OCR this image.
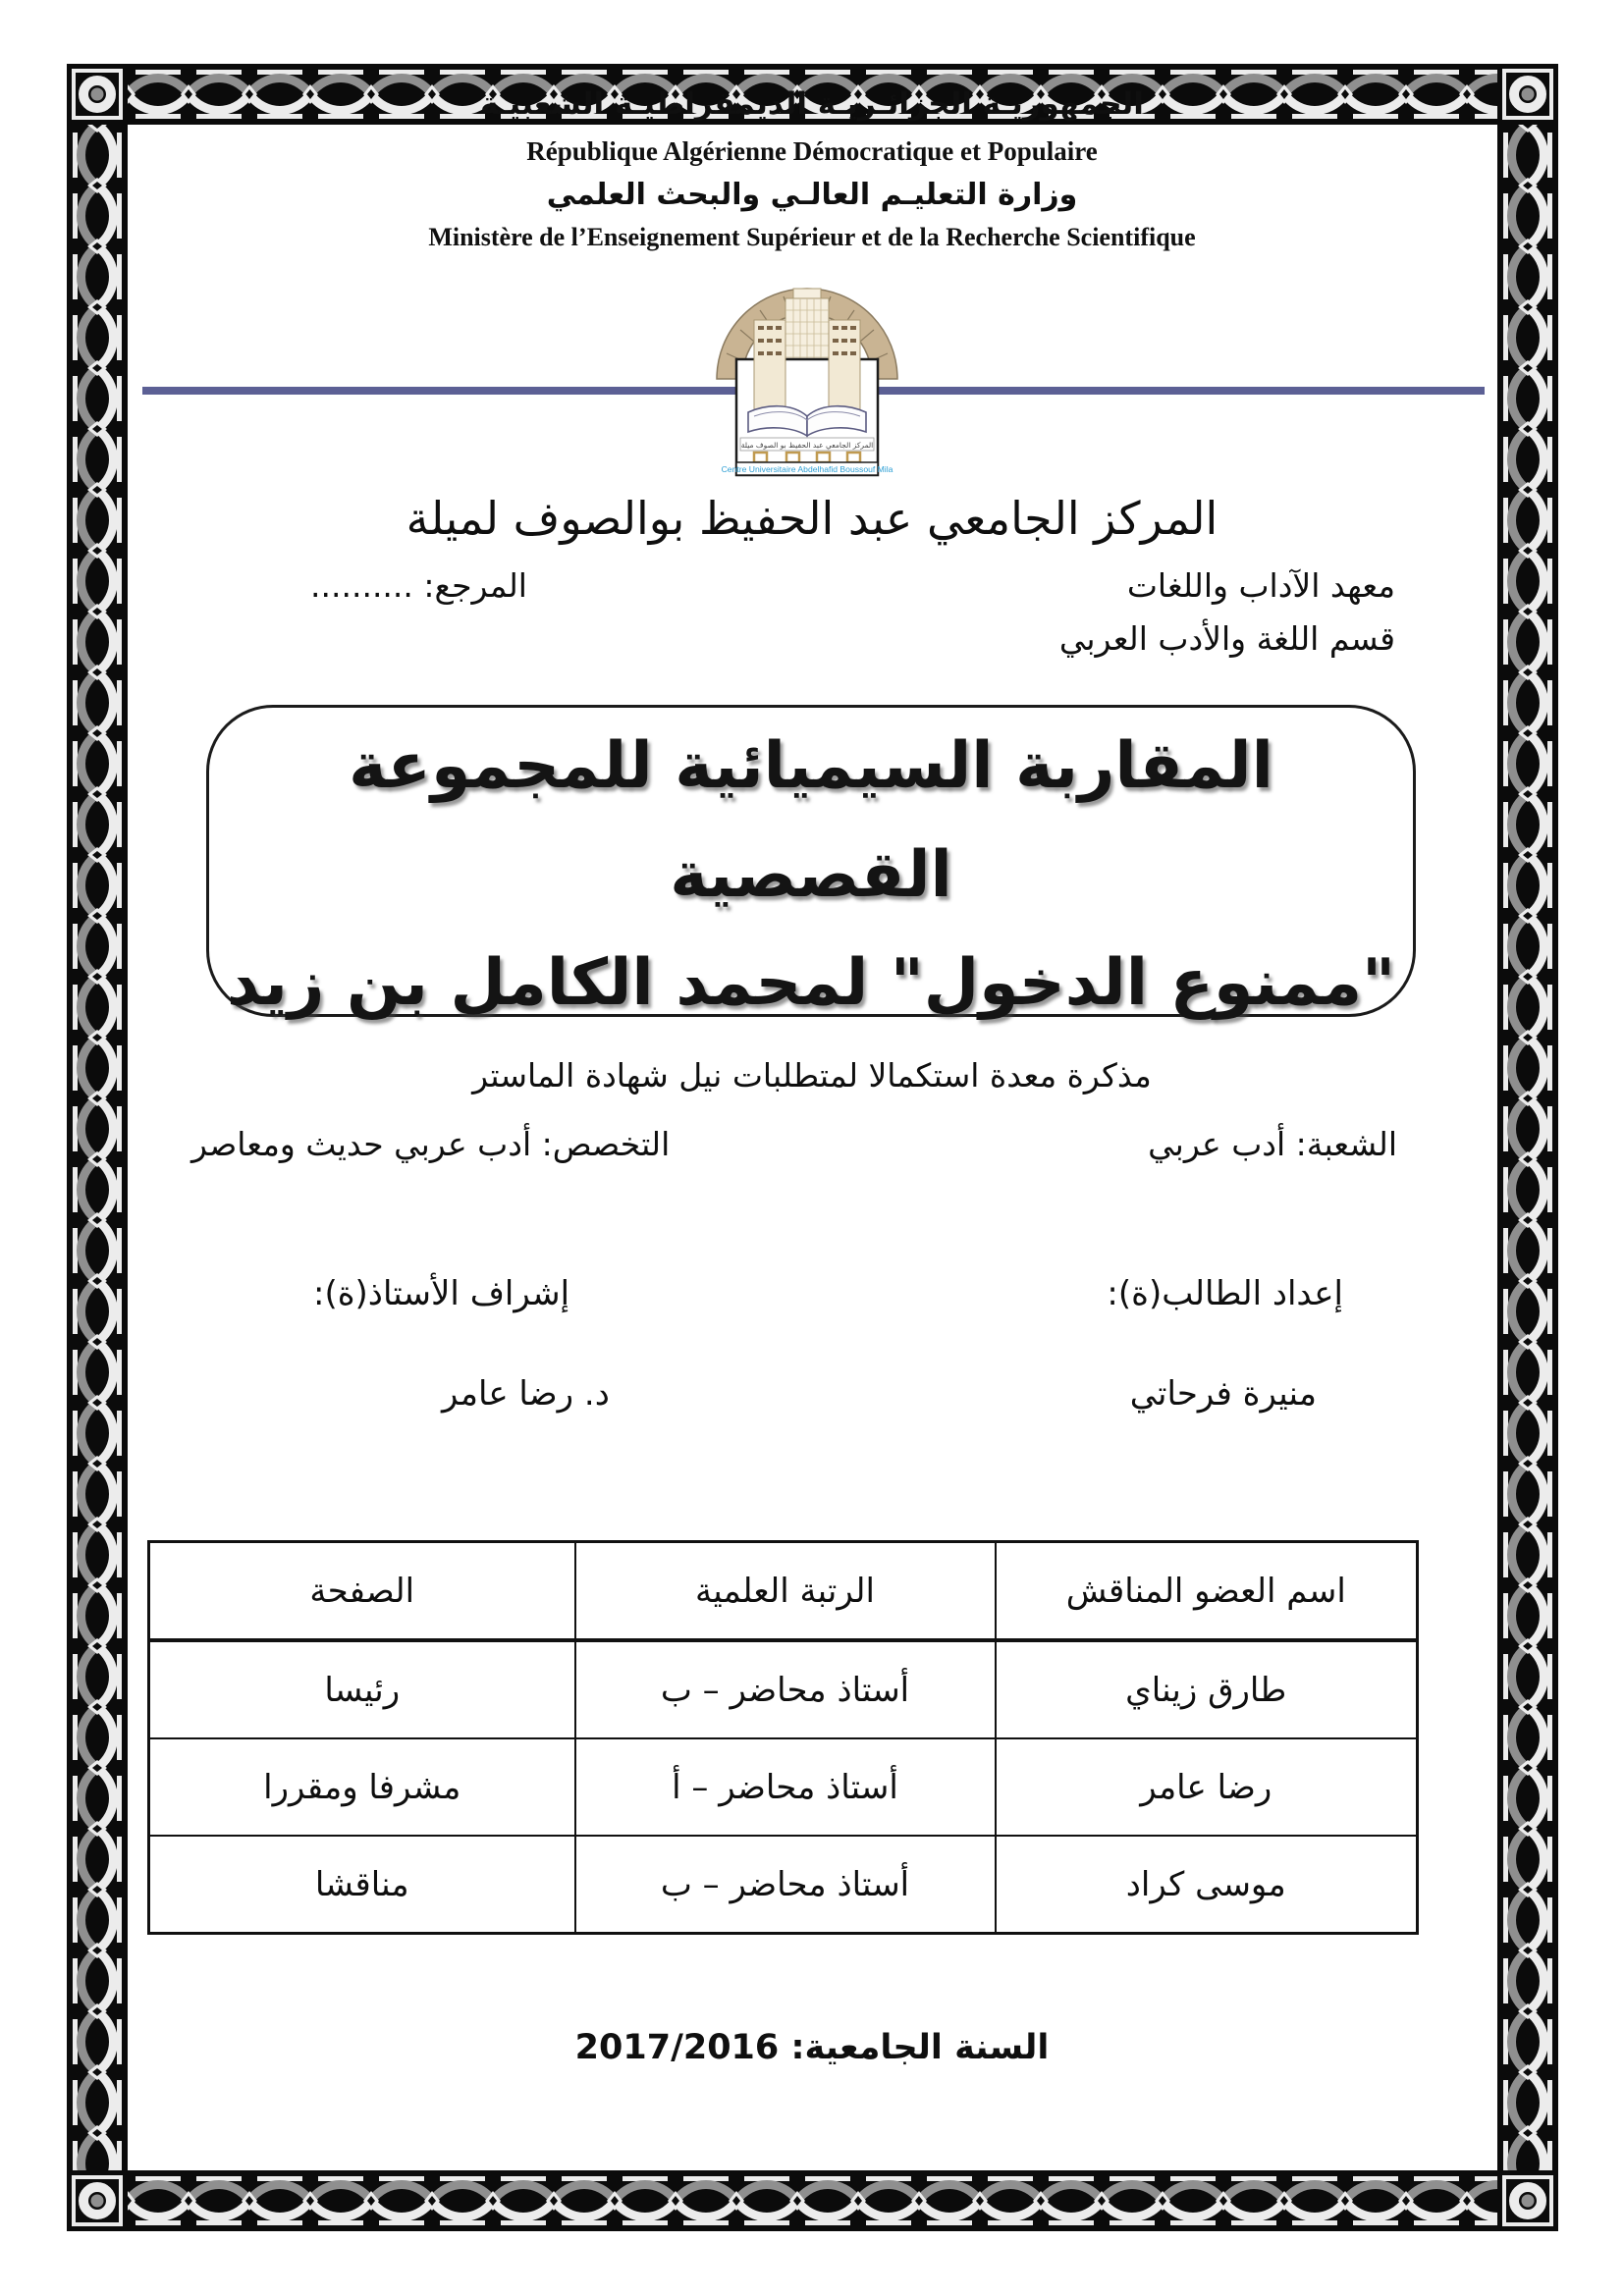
الجمهوريـة الجزائـريـة الديمقراطيـة الشعبيـة
République Algérienne Démocratique et Populaire
وزارة التعليـم العالـي والبحث العلمي
Ministère de l’Enseignement Supérieur et de la Recherche Scientifique
المركز الجامعي عبد الحفيظ بو الصوف ميلة
Centre Universitaire Abdelhafid Boussouf Mila
المركز الجامعي عبد الحفيظ بوالصوف لميلة
معهد الآداب واللغات
المرجع: ..........
قسم اللغة والأدب العربي
المقاربة السيميائية للمجموعة القصصية
"ممنوع الدخول" لمحمد الكامل بن زيد
مذكرة معدة استكمالا لمتطلبات نيل شهادة الماستر
الشعبة: أدب عربي
التخصص: أدب عربي حديث ومعاصر
إعداد الطالب(ة):
إشراف الأستاذ(ة):
منيرة فرحاتي
د. رضا عامر
اسم العضو المناقش	الرتبة العلمية	الصفحة
طارق زيناي	أستاذ محاضر – ب	رئيسا
رضا عامر	أستاذ محاضر – أ	مشرفا ومقررا
موسى كراد	أستاذ محاضر – ب	مناقشا
السنة الجامعية: 2017/2016
